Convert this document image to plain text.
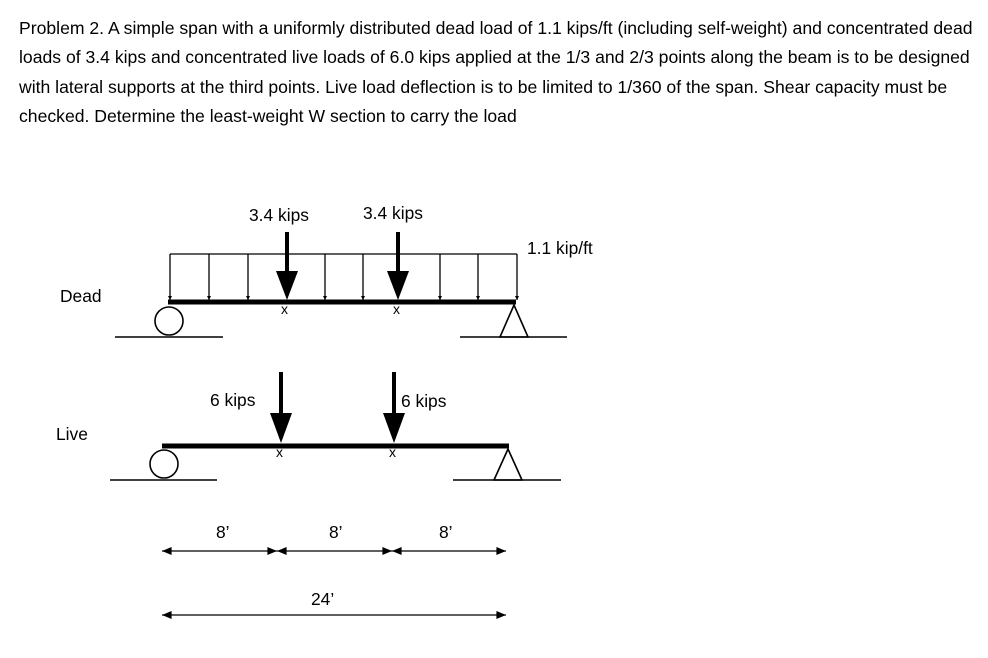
Problem 2. A simple span with a uniformly distributed dead load of 1.1 kips/ft (including self-weight) and concentrated dead loads of 3.4 kips and concentrated live loads of 6.0 kips applied at the 1/3 and 2/3 points along the beam is to be designed with lateral supports at the third points. Live load deflection is to be limited to 1/360 of the span. Shear capacity must be checked. Determine the least-weight W section to carry the load

Dead
3.4 kips	3.4 kips
1.1 kip/ft
x	x
Live
6 kips	6 kips
x	x
8’	8’	8’
24’
